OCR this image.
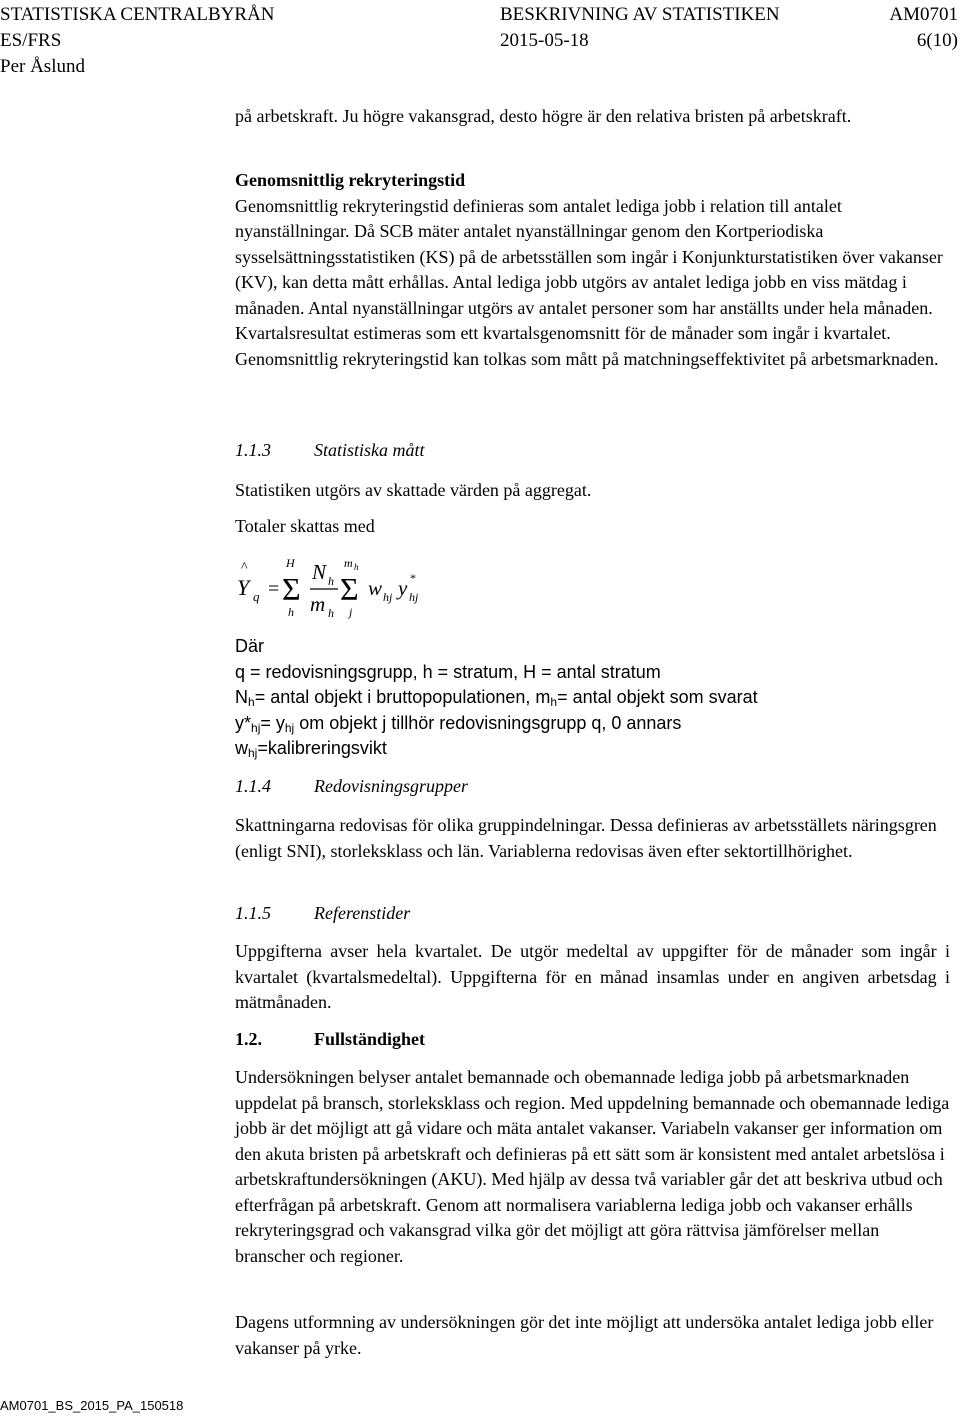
STATISTISKA CENTRALBYRÅN	BESKRIVNING AV STATISTIKEN	AM0701
ES/FRS	2015-05-18	6(10)
Per Åslund

på arbetskraft. Ju högre vakansgrad, desto högre är den relativa bristen på arbetskraft.

Genomsnittlig rekryteringstid

Genomsnittlig rekryteringstid definieras som antalet lediga jobb i relation till antalet nyanställningar. Då SCB mäter antalet nyanställningar genom den Kortperiodiska sysselsättningsstatistiken (KS) på de arbetsställen som ingår i Konjunkturstatistiken över vakanser (KV), kan detta mått erhållas. Antal lediga jobb utgörs av antalet lediga jobb en viss mätdag i månaden. Antal nyanställningar utgörs av antalet personer som har anställts under hela månaden. Kvartalsresultat estimeras som ett kvartalsgenomsnitt för de månader som ingår i kvartalet. Genomsnittlig rekryteringstid kan tolkas som mått på matchningseffektivitet på arbetsmarknaden.

1.1.3 Statistiska mått
Statistiken utgörs av skattade värden på aggregat.
Totaler skattas med
^
Y q =
H
Σ
h
N h
m h
m h
Σ
j
w hj y *
hj
Där
q = redovisningsgrupp, h = stratum, H = antal stratum
$N_h=$ antal objekt i bruttopopulationen, $m_h=$ antal objekt som svarat
$y*_{hj}= y_{hj}$ om objekt j tillhör redovisningsgrupp q, 0 annars
$w_{hj}=kalibreringsvikt$
1.1.4 Redovisningsgrupper
Skattningarna redovisas för olika gruppindelningar. Dessa definieras av arbetsställets näringsgren (enligt SNI), storleksklass och län. Variablerna redovisas även efter sektortillhörighet.
1.1.5 Referenstider
Uppgifterna avser hela kvartalet. De utgör medeltal av uppgifter för de månader som ingår i kvartalet (kvartalsmedeltal). Uppgifterna för en månad insamlas under en angiven arbetsdag i mätmånaden.
1.2.	Fullständighet
Undersökningen belyser antalet bemannade och obemannade lediga jobb på arbetsmarknaden uppdelat på bransch, storleksklass och region. Med uppdelning bemannade och obemannade lediga jobb är det möjligt att gå vidare och mäta antalet vakanser. Variabeln vakanser ger information om den akuta bristen på arbetskraft och definieras på ett sätt som är konsistent med antalet arbetslösa i arbetskraftundersökningen (AKU). Med hjälp av dessa två variabler går det att beskriva utbud och efterfrågan på arbetskraft. Genom att normalisera variablerna lediga jobb och vakanser erhålls rekryteringsgrad och vakansgrad vilka gör det möjligt att göra rättvisa jämförelser mellan branscher och regioner.
Dagens utformning av undersökningen gör det inte möjligt att undersöka antalet lediga jobb eller vakanser på yrke.
AM0701_BS_2015_PA_150518
